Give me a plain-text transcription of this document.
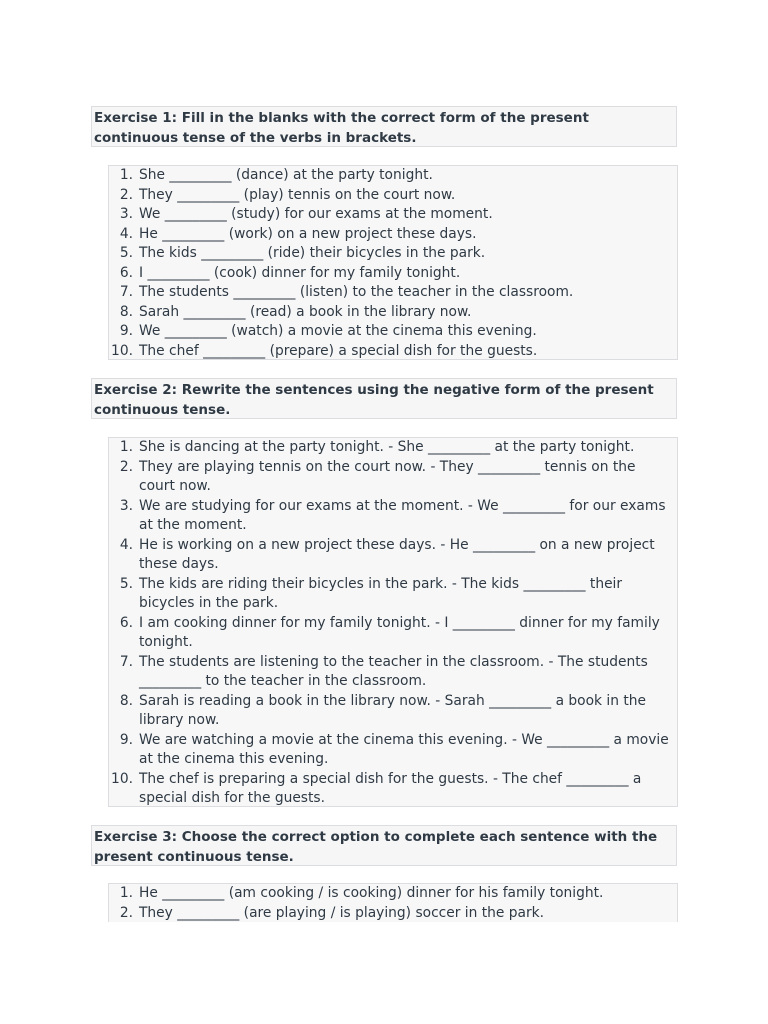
Exercise 1: Fill in the blanks with the correct form of the present continuous tense of the verbs in brackets.

1. She _________ (dance) at the party tonight.
2. They _________ (play) tennis on the court now.
3. We _________ (study) for our exams at the moment.
4. He _________ (work) on a new project these days.
5. The kids _________ (ride) their bicycles in the park.
6. I _________ (cook) dinner for my family tonight.
7. The students _________ (listen) to the teacher in the classroom.
8. Sarah _________ (read) a book in the library now.
9. We _________ (watch) a movie at the cinema this evening.
10. The chef _________ (prepare) a special dish for the guests.

Exercise 2: Rewrite the sentences using the negative form of the present continuous tense.

1. She is dancing at the party tonight. - She _________ at the party tonight.
2. They are playing tennis on the court now. - They _________ tennis on the court now.
3. We are studying for our exams at the moment. - We _________ for our exams at the moment.
4. He is working on a new project these days. - He _________ on a new project these days.
5. The kids are riding their bicycles in the park. - The kids _________ their bicycles in the park.
6. I am cooking dinner for my family tonight. - I _________ dinner for my family tonight.
7. The students are listening to the teacher in the classroom. - The students _________ to the teacher in the classroom.
8. Sarah is reading a book in the library now. - Sarah _________ a book in the library now.
9. We are watching a movie at the cinema this evening. - We _________ a movie at the cinema this evening.
10. The chef is preparing a special dish for the guests. - The chef _________ a special dish for the guests.

Exercise 3: Choose the correct option to complete each sentence with the present continuous tense.

1. He _________ (am cooking / is cooking) dinner for his family tonight.
2. They _________ (are playing / is playing) soccer in the park.
